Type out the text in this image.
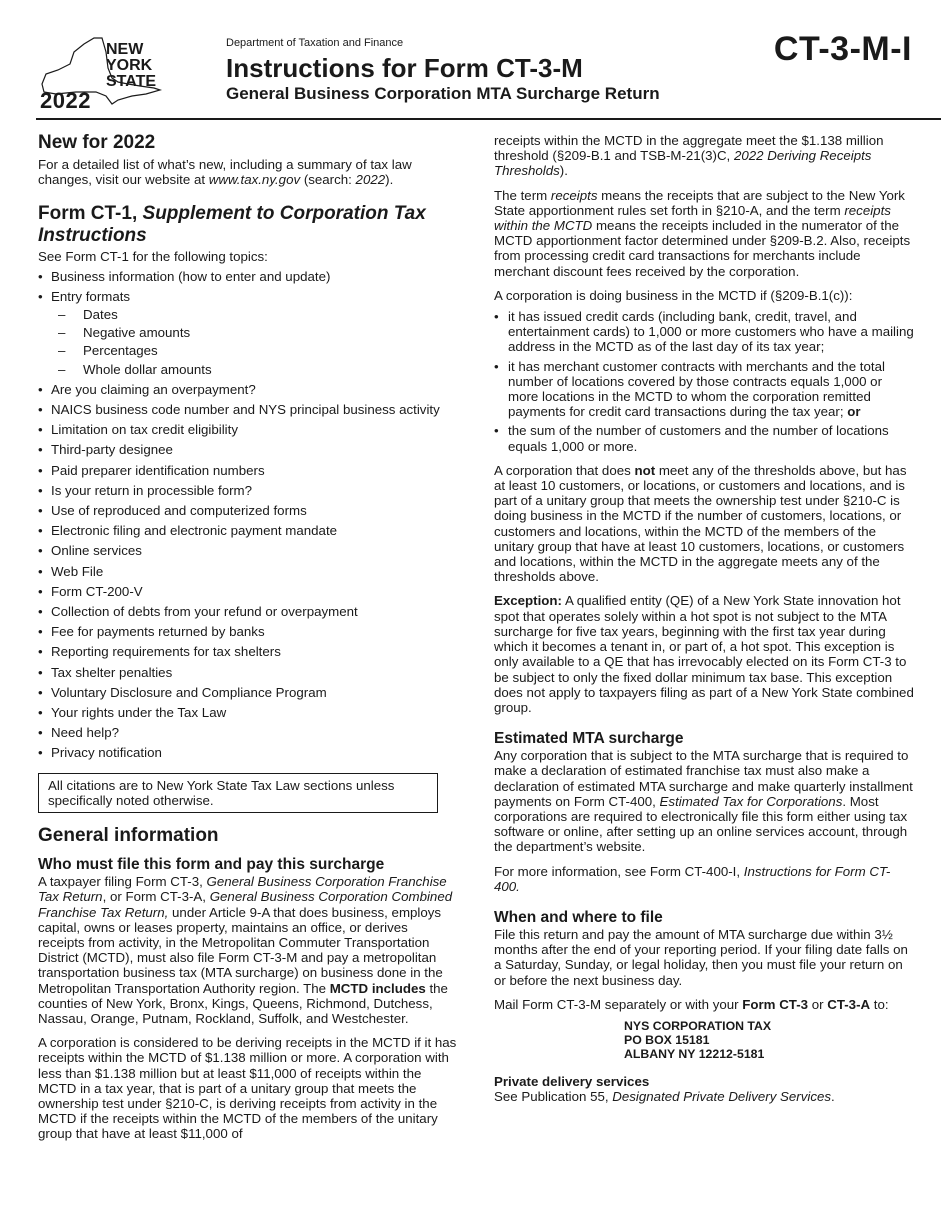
NEW YORK STATE
2022
Department of Taxation and Finance
Instructions for Form CT-3-M
General Business Corporation MTA Surcharge Return
CT-3-M-I
New for 2022

For a detailed list of what’s new, including a summary of tax law changes, visit our website at www.tax.ny.gov (search: 2022).

Form CT-1, Supplement to Corporation Tax Instructions

See Form CT-1 for the following topics:

• Business information (how to enter and update)
• Entry formats
– Dates
– Negative amounts
– Percentages
– Whole dollar amounts
• Are you claiming an overpayment?
• NAICS business code number and NYS principal business activity
• Limitation on tax credit eligibility
• Third-party designee
• Paid preparer identification numbers
• Is your return in processible form?
• Use of reproduced and computerized forms
• Electronic filing and electronic payment mandate
• Online services
• Web File
• Form CT-200-V
• Collection of debts from your refund or overpayment
• Fee for payments returned by banks
• Reporting requirements for tax shelters
• Tax shelter penalties
• Voluntary Disclosure and Compliance Program
• Your rights under the Tax Law
• Need help?
• Privacy notification
All citations are to New York State Tax Law sections unless specifically noted otherwise.
General information
Who must file this form and pay this surcharge

A taxpayer filing Form CT-3, General Business Corporation Franchise Tax Return, or Form CT-3-A, General Business Corporation Combined Franchise Tax Return, under Article 9-A that does business, employs capital, owns or leases property, maintains an office, or derives receipts from activity, in the Metropolitan Commuter Transportation District (MCTD), must also file Form CT-3-M and pay a metropolitan transportation business tax (MTA surcharge) on business done in the Metropolitan Transportation Authority region. The MCTD includes the counties of New York, Bronx, Kings, Queens, Richmond, Dutchess, Nassau, Orange, Putnam, Rockland, Suffolk, and Westchester.

A corporation is considered to be deriving receipts in the MCTD if it has receipts within the MCTD of $1.138 million or more. A corporation with less than $1.138 million but at least $11,000 of receipts within the MCTD in a tax year, that is part of a unitary group that meets the ownership test under §210-C, is deriving receipts from activity in the MCTD if the receipts within the MCTD of the members of the unitary group that have at least $11,000 of

receipts within the MCTD in the aggregate meet the $1.138 million threshold (§209-B.1 and TSB-M-21(3)C, 2022 Deriving Receipts Thresholds).

The term receipts means the receipts that are subject to the New York State apportionment rules set forth in §210-A, and the term receipts within the MCTD means the receipts included in the numerator of the MCTD apportionment factor determined under §209-B.2. Also, receipts from processing credit card transactions for merchants include merchant discount fees received by the corporation.

A corporation is doing business in the MCTD if (§209-B.1(c)):

• it has issued credit cards (including bank, credit, travel, and entertainment cards) to 1,000 or more customers who have a mailing address in the MCTD as of the last day of its tax year;
• it has merchant customer contracts with merchants and the total number of locations covered by those contracts equals 1,000 or more locations in the MCTD to whom the corporation remitted payments for credit card transactions during the tax year; or
• the sum of the number of customers and the number of locations equals 1,000 or more.

A corporation that does not meet any of the thresholds above, but has at least 10 customers, or locations, or customers and locations, and is part of a unitary group that meets the ownership test under §210-C is doing business in the MCTD if the number of customers, locations, or customers and locations, within the MCTD of the members of the unitary group that have at least 10 customers, locations, or customers and locations, within the MCTD in the aggregate meets any of the thresholds above.

Exception: A qualified entity (QE) of a New York State innovation hot spot that operates solely within a hot spot is not subject to the MTA surcharge for five tax years, beginning with the first tax year during which it becomes a tenant in, or part of, a hot spot. This exception is only available to a QE that has irrevocably elected on its Form CT-3 to be subject to only the fixed dollar minimum tax base. This exception does not apply to taxpayers filing as part of a New York State combined group.

Estimated MTA surcharge

Any corporation that is subject to the MTA surcharge that is required to make a declaration of estimated franchise tax must also make a declaration of estimated MTA surcharge and make quarterly installment payments on Form CT-400, Estimated Tax for Corporations. Most corporations are required to electronically file this form either using tax software or online, after setting up an online services account, through the department’s website.

For more information, see Form CT-400-I, Instructions for Form CT-400.

When and where to file

File this return and pay the amount of MTA surcharge due within 3½ months after the end of your reporting period. If your filing date falls on a Saturday, Sunday, or legal holiday, then you must file your return on or before the next business day.

Mail Form CT-3-M separately or with your Form CT-3 or CT-3-A to:

NYS CORPORATION TAX
PO BOX 15181
ALBANY NY 12212-5181
Private delivery services

See Publication 55, Designated Private Delivery Services.
